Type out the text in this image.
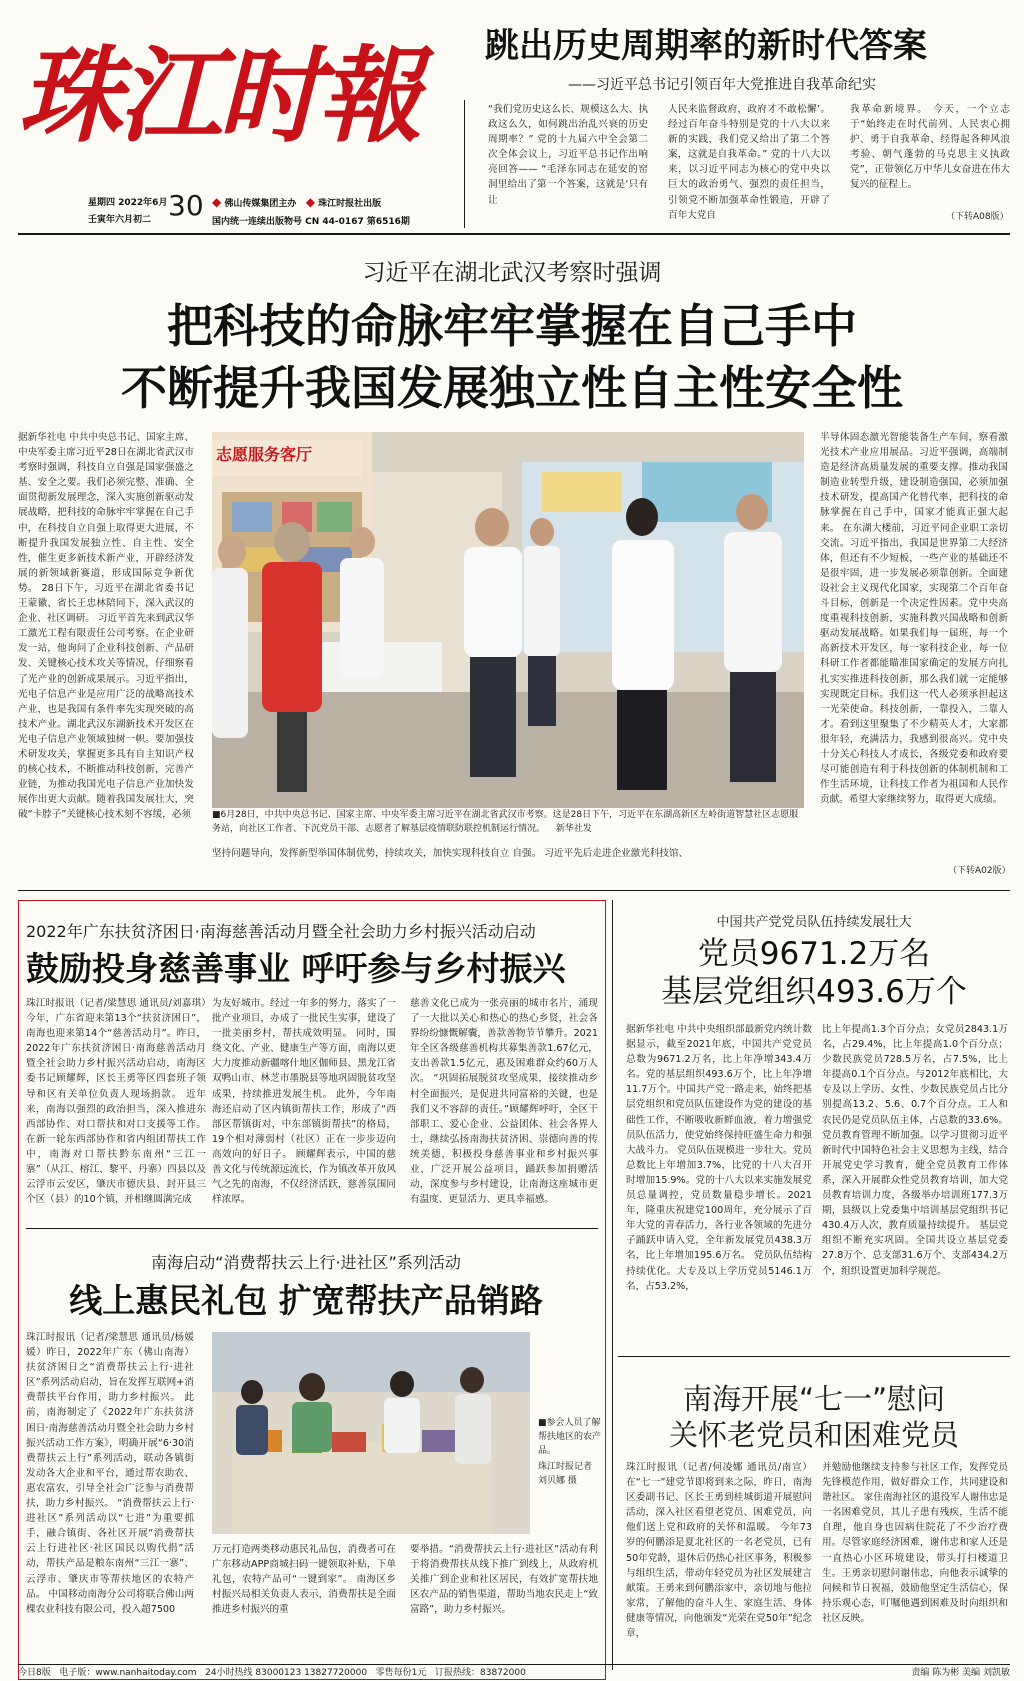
珠江时報
星期四 2022年6月
壬寅年六月初二 30 ◆ 佛山传媒集团主办 ◆ 珠江时报社出版
国内统一连续出版物号 CN 44-0167 第6516期
跳出历史周期率的新时代答案
——习近平总书记引领百年大党推进自我革命纪实
“我们党历史这么长、规模这么大、执政这么久，如何跳出治乱兴衰的历史周期率？” 党的十九届六中全会第二次全体会议上，习近平总书记作出响亮回答—— “毛泽东同志在延安的窑洞里给出了第一个答案，这就是‘只有让
人民来监督政府，政府才不敢松懈’。经过百年奋斗特别是党的十八大以来新的实践，我们党又给出了第二个答案，这就是自我革命。” 党的十八大以来，以习近平同志为核心的党中央以巨大的政治勇气、强烈的责任担当，引领党不断加强革命性锻造，开辟了百年大党自
我革命新境界。 今天，一个立志于“始终走在时代前列、人民衷心拥护、勇于自我革命、经得起各种风浪考验、朝气蓬勃的马克思主义执政党”，正带领亿万中华儿女奋进在伟大复兴的征程上。
（下转A08版）
习近平在湖北武汉考察时强调
把科技的命脉牢牢掌握在自己手中
不断提升我国发展独立性自主性安全性
据新华社电 中共中央总书记、国家主席、中央军委主席习近平28日在湖北省武汉市考察时强调，科技自立自强是国家强盛之基、安全之要。我们必须完整、准确、全面贯彻新发展理念，深入实施创新驱动发展战略，把科技的命脉牢牢掌握在自己手中，在科技自立自强上取得更大进展，不断提升我国发展独立性、自主性、安全性，催生更多新技术新产业，开辟经济发展的新领域新赛道，形成国际竞争新优势。 28日下午，习近平在湖北省委书记王蒙徽、省长王忠林陪同下，深入武汉的企业、社区调研。 习近平首先来到武汉华工激光工程有限责任公司考察。在企业研发一站，他询问了企业科技创新、产品研发、关键核心技术攻关等情况，仔细察看了光产业的创新成果展示。习近平指出，光电子信息产业是应用广泛的战略高技术产业，也是我国有条件率先实现突破的高技术产业。湖北武汉东湖新技术开发区在光电子信息产业领域独树一帜。要加强技术研发攻关，掌握更多具有自主知识产权的核心技术，不断推动科技创新，完善产业链，为推动我国光电子信息产业加快发展作出更大贡献。随着我国发展壮大，突破“卡脖子”关键核心技术刻不容缓，必须
志愿服务客厅
■6月28日，中共中央总书记、国家主席、中央军委主席习近平在湖北省武汉市考察。这是28日下午，习近平在东湖高新区左岭街道智慧社区志愿服务站，向社区工作者、下沉党员干部、志愿者了解基层疫情联防联控机制运行情况。 新华社发
坚持问题导向，发挥新型举国体制优势，持续攻关，加快实现科技自立 自强。 习近平先后走进企业激光科技馆、
半导体固态激光智能装备生产车间，察看激光技术产业应用展品。习近平强调，高端制造是经济高质量发展的重要支撑。推动我国制造业转型升级，建设制造强国，必须加强技术研发，提高国产化替代率，把科技的命脉掌握在自己手中，国家才能真正强大起来。 在东湖大楼前，习近平同企业职工亲切交流。习近平指出，我国是世界第二大经济体，但还有不少短板，一些产业的基础还不是很牢固，进一步发展必须靠创新。全面建设社会主义现代化国家，实现第二个百年奋斗目标，创新是一个决定性因素。党中央高度重视科技创新，实施科教兴国战略和创新驱动发展战略。如果我们每一届班，每一个高新技术开发区，每一家科技企业，每一位科研工作者都能瞄准国家确定的发展方向扎扎实实推进科技创新，那么我们就一定能够实现既定目标。我们这一代人必须承担起这一光荣使命。科技创新，一靠投入，二靠人才。看到这里聚集了不少精英人才，大家都很年轻，充满活力，我感到很高兴。党中央十分关心科技人才成长，各级党委和政府要尽可能创造有利于科技创新的体制机制和工作生活环境，让科技工作者为祖国和人民作贡献。希望大家继续努力，取得更大成绩。
（下转A02版）
2022年广东扶贫济困日·南海慈善活动月暨全社会助力乡村振兴活动启动
鼓励投身慈善事业 呼吁参与乡村振兴
珠江时报讯（记者/梁慧思 通讯员/刘嘉琪）今年，广东省迎来第13个“扶贫济困日”，南海也迎来第14个“慈善活动月”。昨日，2022年广东扶贫济困日·南海慈善活动月暨全社会助力乡村振兴活动启动，南海区委书记顾耀辉，区长王勇等区四套班子领导和区有关单位负责人现场捐款。 近年来，南海以强烈的政治担当，深入推进东西部协作、对口帮扶和对口支援等工作。在新一轮东西部协作和省内组团帮扶工作中，南海对口帮扶黔东南州“三江一寨”（从江、榕江、黎平、丹寨）四县以及云浮市云安区，肇庆市德庆县、封开县三个区（县）的10个镇，并相继圆满完成
为友好城市。经过一年多的努力，落实了一批产业项目，办成了一批民生实事，建设了一批美丽乡村，帮扶成效明显。 同时，围绕文化、产业、健康生产等方面，南海以更大力度推动新疆喀什地区伽师县、黑龙江省双鸭山市、林芝市墨脱县等地巩固脱贫攻坚成果，持续推进发展生机。 此外，今年南海还启动了区内镇街帮扶工作，形成了“西部区帮镇街对，中东部镇街帮扶”的格局，19个相对薄弱村（社区）正在一步步迈向高效向的好日子。 顾耀辉表示，中国的慈善文化与传统源远流长，作为镇改革开放风气之先的南海，不仅经济活跃，慈善氛围同样浓厚。
慈善文化已成为一张亮丽的城市名片，涌现了一大批以关心和热心的热心乡贤，社会各界纷纷慷慨解囊，善款善物节节攀升。2021年全区各级慈善机构共募集善款1.67亿元，支出善款1.5亿元，惠及困难群众约60万人次。 “巩固拓展脱贫攻坚成果，接续推动乡村全面振兴，是促进共同富裕的关键，也是我们义不容辞的责任。”顾耀辉呼吁，全区干部职工、爱心企业、公益团体、社会各界人士，继续弘扬南海扶贫济困、崇德向善的传统美德，积极投身慈善事业和乡村振兴事业，广泛开展公益项目，踊跃参加捐赠活动，深度参与乡村建设，让南海这座城市更有温度、更显活力、更具幸福感。
南海启动“消费帮扶云上行·进社区”系列活动
线上惠民礼包 扩宽帮扶产品销路
珠江时报讯（记者/梁慧思 通讯员/杨媛媛）昨日，2022年广东（佛山南海）扶贫济困日之“消费帮扶云上行·进社区”系列活动启动，旨在发挥互联网+消费帮扶平台作用，助力乡村振兴。 此前，南海制定了《2022年广东扶贫济困日·南海慈善活动月暨全社会助力乡村振兴活动工作方案》，明确开展“6·30消费帮扶云上行”系列活动，联动各镇街发动各大企业和平台，通过帮农助农、惠农富农，引导全社会广泛参与消费帮扶，助力乡村振兴。 “消费帮扶云上行·进社区”系列活动以“七进”为重要抓手，融合镇街、各社区开展“消费帮扶云上行进社区·社区国民以购代捐”活动，帮扶产品是粮东南州“三江一寨”、云浮市、肇庆市等帮扶地区的农特产品。 中国移动南海分公司将联合佛山两棵农业科技有限公司，投入超7500
■参会人员了解帮扶地区的农产品。
珠江时报记者 刘贝娜 摄
万元打造两类移动惠民礼品包，消费者可在广东移动APP商城扫码一键领取补贴，下单礼包，农特产品可“一键到家”。 南海区乡村振兴局相关负责人表示，消费帮扶是全面推进乡村振兴的重
要举措。“消费帮扶云上行·进社区”活动有利于将消费帮扶从线下推广到线上，从政府机关推广到企业和社区居民，有效扩宽帮扶地区农产品的销售渠道，帮助当地农民走上“致富路”，助力乡村振兴。
中国共产党党员队伍持续发展壮大
党员9671.2万名
基层党组织493.6万个
据新华社电 中共中央组织部最新党内统计数据显示，截至2021年底，中国共产党党员总数为9671.2万名，比上年净增343.4万名。党的基层组织493.6万个，比上年净增11.7万个。中国共产党一路走来，始终把基层党组织和党员队伍建设作为党的建设的基础性工作，不断吸收新鲜血液，着力增强党员队伍活力，使党始终保持旺盛生命力和强大战斗力。 党员队伍规模进一步壮大。党员总数比上年增加3.7%，比党的十八大召开时增加15.9%。党的十八大以来实施发展党员总量调控，党员数量稳步增长。2021年，隆重庆祝建党100周年，充分展示了百年大党的青春活力，各行业各领域的先进分子踊跃申请入党，全年新发展党员438.3万名，比上年增加195.6万名。 党员队伍结构持续优化。大专及以上学历党员5146.1万名，占53.2%，
比上年提高1.3个百分点；女党员2843.1万名，占29.4%，比上年提高1.0个百分点；少数民族党员728.5万名，占7.5%，比上年提高0.1个百分点。与2012年底相比，大专及以上学历、女性、少数民族党员占比分别提高13.2、5.6、0.7个百分点。工人和农民仍是党员队伍主体，占总数的33.6%。 党员教育管理不断加强。以学习贯彻习近平新时代中国特色社会主义思想为主线，结合开展党史学习教育，健全党员教育工作体系，深入开展群众性党员教育培训，加大党员教育培训力度，各级举办培训班177.3万期，县级以上党委集中培训基层党组织书记430.4万人次，教育质量持续提升。 基层党组织不断充实巩固。全国共设立基层党委27.8万个、总支部31.6万个、支部434.2万个，组织设置更加科学规范。
南海开展“七一”慰问
关怀老党员和困难党员
珠江时报讯（记者/何凌娜 通讯员/南宣）在“七一”建党节即将到来之际，昨日，南海区委副书记、区长王勇到桂城街道开展慰问活动，深入社区看望老党员、困难党员，向他们送上党和政府的关怀和温暖。 今年73岁的何鹏添是夏北社区的一名老党员，已有50年党龄，退休后仍热心社区事务，积极参与组织生活，带动年轻党员为社区发展建言献策。王勇来到何鹏添家中，亲切地与他拉家常，了解他的奋斗人生、家庭生活、身体健康等情况，向他颁发“光荣在党50年”纪念章，
并勉励他继续支持参与社区工作，发挥党员先锋模范作用，做好群众工作，共同建设和谐社区。 家住南海社区的退役军人谢伟忠是一名困难党员，其儿子患有残疾，生活不能自理，他自身也因病住院花了不少治疗费用。尽管家庭经济困难，谢伟忠和家人还是一直热心小区环境建设，带头打扫楼道卫生。王勇亲切慰问谢伟忠，向他表示诚挚的问候和节日祝福，鼓励他坚定生活信心，保持乐观心态，叮嘱他遇到困难及时向组织和社区反映。
今日8版 电子版：www.nanhaitoday.com 24小时热线 83000123 13827720000 零售每份1元 订报热线：83872000	责编 陈为彬 美编 刘凯敏
